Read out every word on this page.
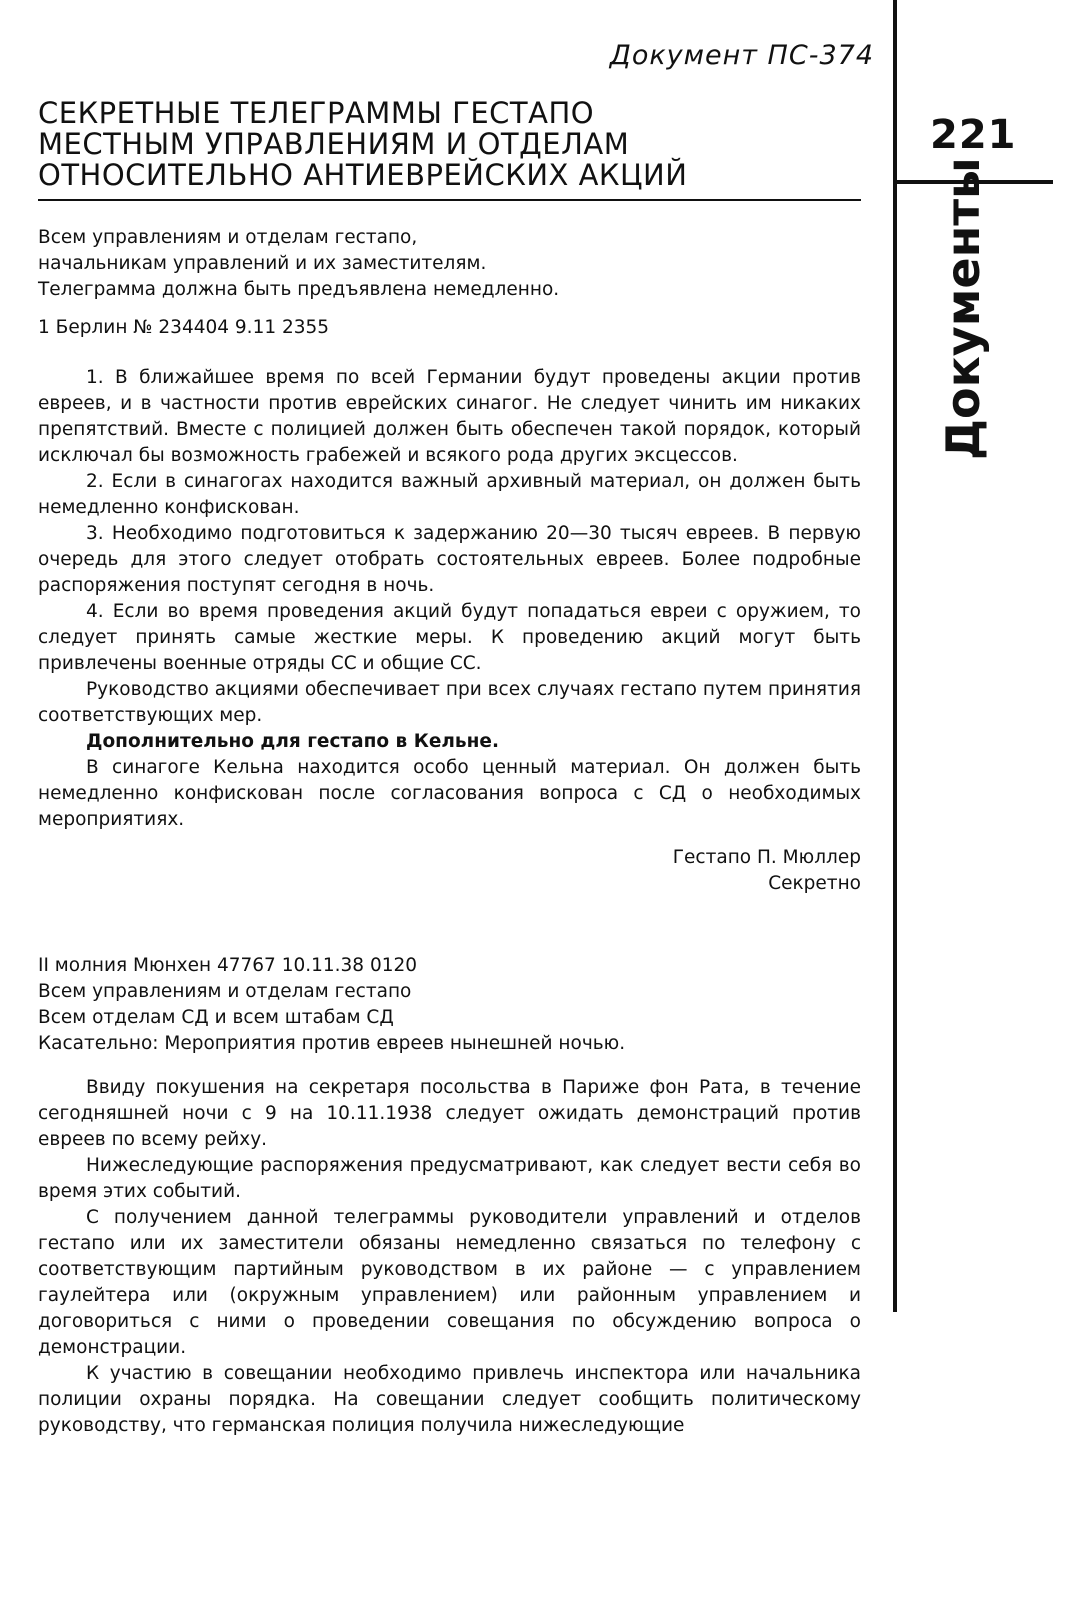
Документ ПС-374
СЕКРЕТНЫЕ ТЕЛЕГРАММЫ ГЕСТАПО
МЕСТНЫМ УПРАВЛЕНИЯМ И ОТДЕЛАМ
ОТНОСИТЕЛЬНО АНТИЕВРЕЙСКИХ АКЦИЙ
221
Документы

Всем управлениям и отделам гестапо,

начальникам управлений и их заместителям.

Телеграмма должна быть предъявлена немедленно.

1 Берлин № 234404 9.11 2355

1. В ближайшее время по всей Германии будут проведены акции против евреев, и в частности против еврейских синагог. Не следует чинить им никаких препятствий. Вместе с полицией должен быть обеспечен такой порядок, который исключал бы возможность грабежей и всякого рода других эксцессов.

2. Если в синагогах находится важный архивный материал, он должен быть немедленно конфискован.

3. Необходимо подготовиться к задержанию 20—30 тысяч евреев. В первую очередь для этого следует отобрать состоятельных евреев. Более подробные распоряжения поступят сегодня в ночь.

4. Если во время проведения акций будут попадаться евреи с оружием, то следует принять самые жесткие меры. К проведению акций могут быть привлечены военные отряды СС и общие СС.

Руководство акциями обеспечивает при всех случаях гестапо путем принятия соответствующих мер.

Дополнительно для гестапо в Кельне.

В синагоге Кельна находится особо ценный материал. Он должен быть немедленно конфискован после согласования вопроса с СД о необходимых мероприятиях.

Гестапо П. Мюллер

Секретно

II молния Мюнхен 47767 10.11.38 0120

Всем управлениям и отделам гестапо

Всем отделам СД и всем штабам СД

Касательно: Мероприятия против евреев нынешней ночью.

Ввиду покушения на секретаря посольства в Париже фон Рата, в течение сегодняшней ночи с 9 на 10.11.1938 следует ожидать демонстраций против евреев по всему рейху.

Нижеследующие распоряжения предусматривают, как следует вести себя во время этих событий.

С получением данной телеграммы руководители управлений и отделов гестапо или их заместители обязаны немедленно связаться по телефону с соответствующим партийным руководством в их районе — с управлением гаулейтера или (окружным управлением) или районным управлением и договориться с ними о проведении совещания по обсуждению вопроса о демонстрации.

К участию в совещании необходимо привлечь инспектора или начальника полиции охраны порядка. На совещании следует сообщить политическому руководству, что германская полиция получила нижеследующие
